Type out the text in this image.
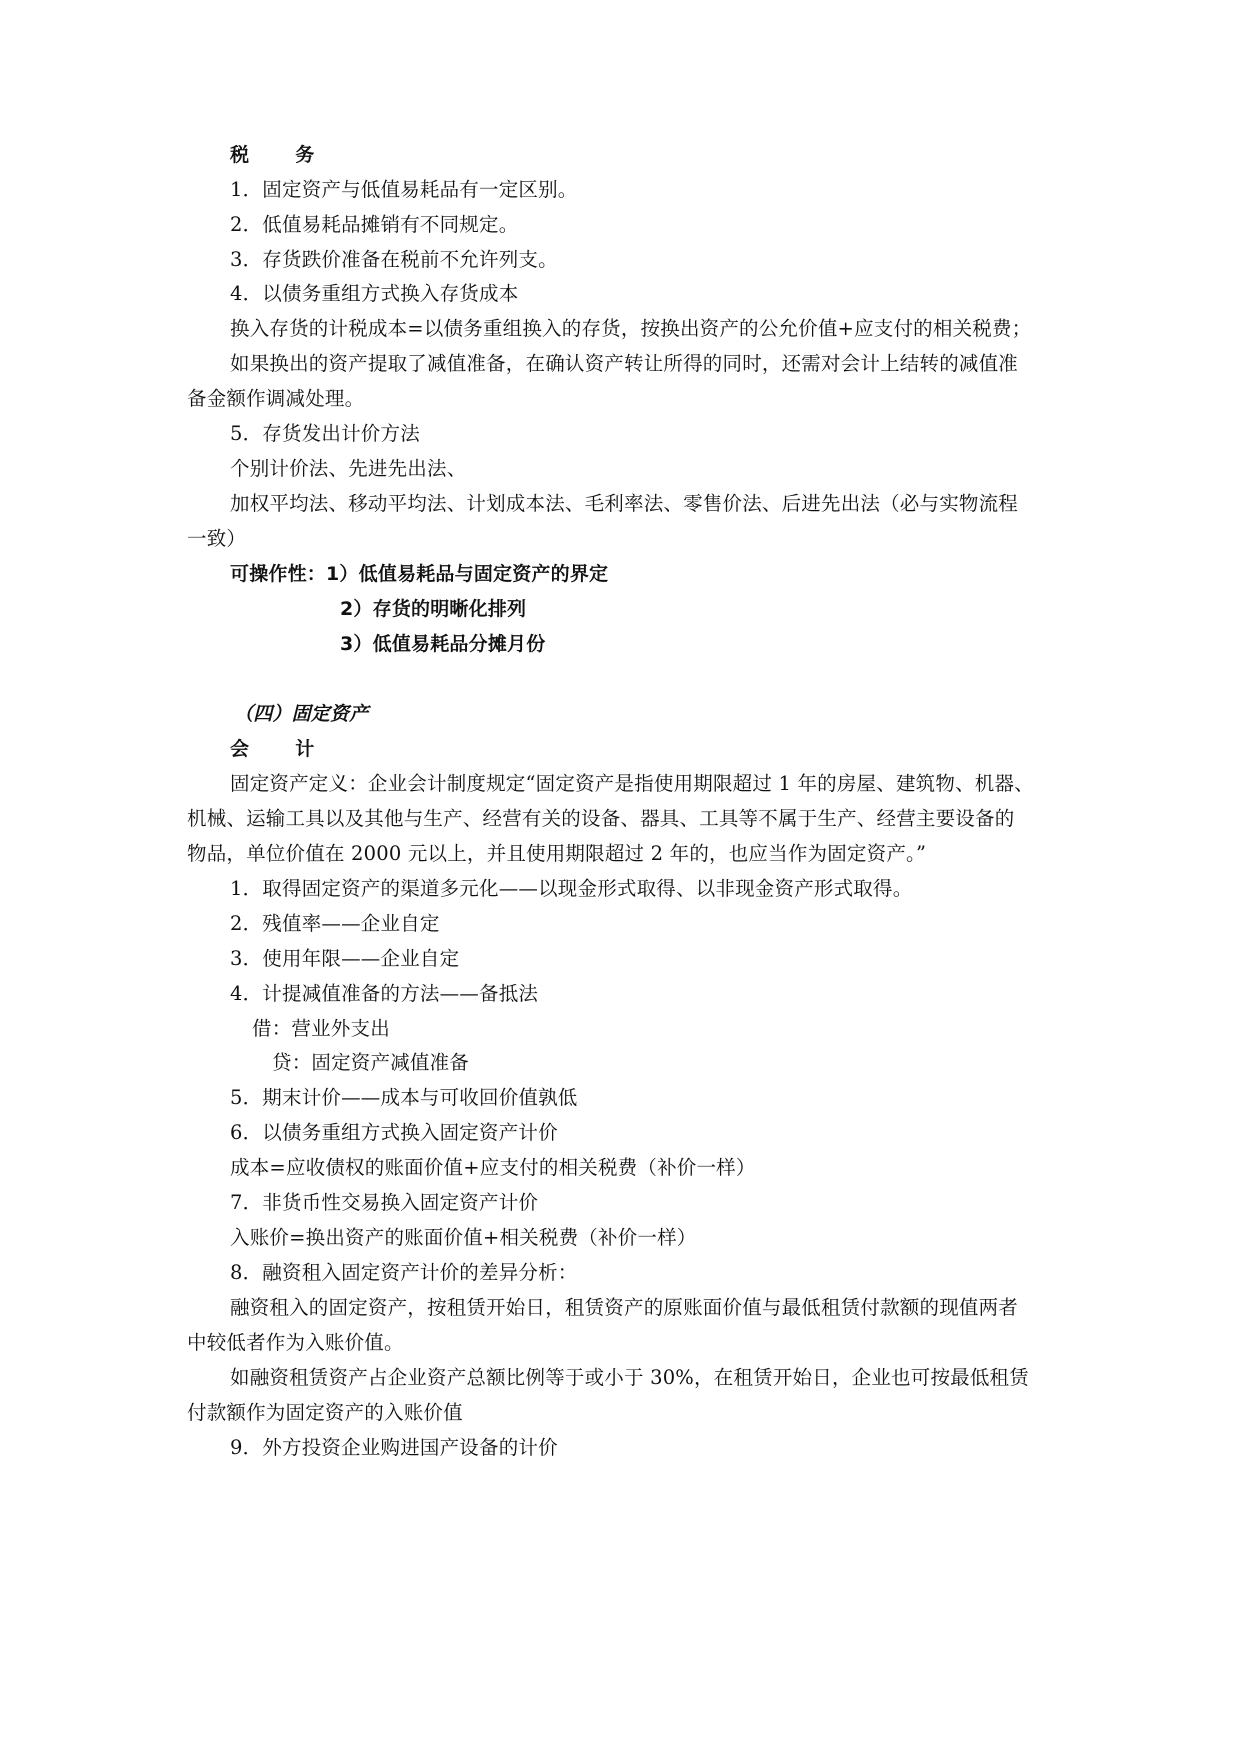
税 务
1．固定资产与低值易耗品有一定区别。
2．低值易耗品摊销有不同规定。
3．存货跌价准备在税前不允许列支。
4．以债务重组方式换入存货成本
换入存货的计税成本=以债务重组换入的存货，按换出资产的公允价值+应支付的相关税费；
如果换出的资产提取了减值准备，在确认资产转让所得的同时，还需对会计上结转的减值准
备金额作调减处理。
5．存货发出计价方法
个别计价法、先进先出法、
加权平均法、移动平均法、计划成本法、毛利率法、零售价法、后进先出法（必与实物流程
一致）
可操作性：1）低值易耗品与固定资产的界定
2）存货的明晰化排列
3）低值易耗品分摊月份
（四）固定资产
会 计
固定资产定义：企业会计制度规定“固定资产是指使用期限超过 1 年的房屋、建筑物、机器、
机械、运输工具以及其他与生产、经营有关的设备、器具、工具等不属于生产、经营主要设备的
物品，单位价值在 2000 元以上，并且使用期限超过 2 年的，也应当作为固定资产。”
1．取得固定资产的渠道多元化——以现金形式取得、以非现金资产形式取得。
2．残值率——企业自定
3．使用年限——企业自定
4．计提减值准备的方法——备抵法
借：营业外支出
贷：固定资产减值准备
5．期末计价——成本与可收回价值孰低
6．以债务重组方式换入固定资产计价
成本=应收债权的账面价值+应支付的相关税费（补价一样）
7．非货币性交易换入固定资产计价
入账价=换出资产的账面价值+相关税费（补价一样）
8．融资租入固定资产计价的差异分析：
融资租入的固定资产，按租赁开始日，租赁资产的原账面价值与最低租赁付款额的现值两者
中较低者作为入账价值。
如融资租赁资产占企业资产总额比例等于或小于 30%，在租赁开始日，企业也可按最低租赁
付款额作为固定资产的入账价值
9．外方投资企业购进国产设备的计价
